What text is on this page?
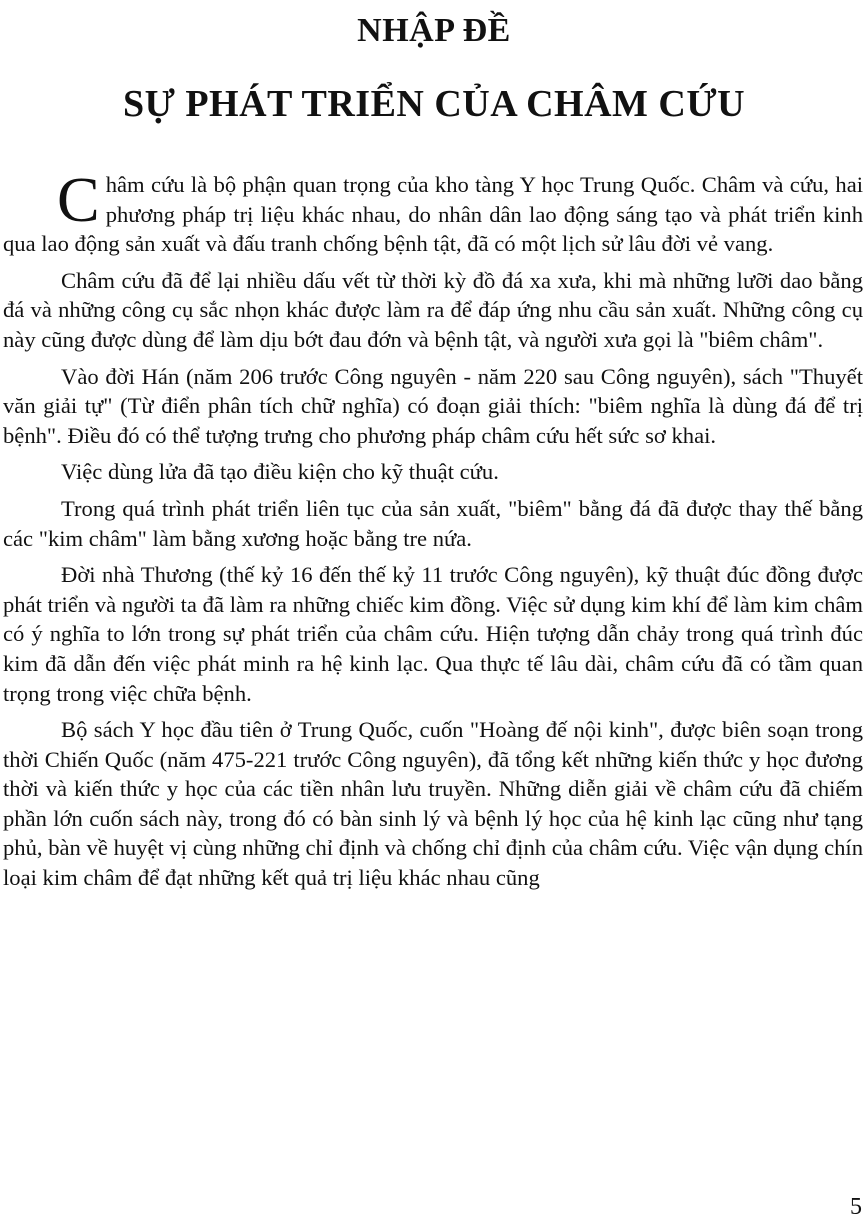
NHẬP ĐỀ
SỰ PHÁT TRIỂN CỦA CHÂM CỨU

Châm cứu là bộ phận quan trọng của kho tàng Y học Trung Quốc. Châm và cứu, hai phương pháp trị liệu khác nhau, do nhân dân lao động sáng tạo và phát triển kinh qua lao động sản xuất và đấu tranh chống bệnh tật, đã có một lịch sử lâu đời vẻ vang.

Châm cứu đã để lại nhiều dấu vết từ thời kỳ đồ đá xa xưa, khi mà những lưỡi dao bằng đá và những công cụ sắc nhọn khác được làm ra để đáp ứng nhu cầu sản xuất. Những công cụ này cũng được dùng để làm dịu bớt đau đớn và bệnh tật, và người xưa gọi là "biêm châm".

Vào đời Hán (năm 206 trước Công nguyên - năm 220 sau Công nguyên), sách "Thuyết văn giải tự" (Từ điển phân tích chữ nghĩa) có đoạn giải thích: "biêm nghĩa là dùng đá để trị bệnh". Điều đó có thể tượng trưng cho phương pháp châm cứu hết sức sơ khai.

Việc dùng lửa đã tạo điều kiện cho kỹ thuật cứu.

Trong quá trình phát triển liên tục của sản xuất, "biêm" bằng đá đã được thay thế bằng các "kim châm" làm bằng xương hoặc bằng tre nứa.

Đời nhà Thương (thế kỷ 16 đến thế kỷ 11 trước Công nguyên), kỹ thuật đúc đồng được phát triển và người ta đã làm ra những chiếc kim đồng. Việc sử dụng kim khí để làm kim châm có ý nghĩa to lớn trong sự phát triển của châm cứu. Hiện tượng dẫn chảy trong quá trình đúc kim đã dẫn đến việc phát minh ra hệ kinh lạc. Qua thực tế lâu dài, châm cứu đã có tầm quan trọng trong việc chữa bệnh.

Bộ sách Y học đầu tiên ở Trung Quốc, cuốn "Hoàng đế nội kinh", được biên soạn trong thời Chiến Quốc (năm 475-221 trước Công nguyên), đã tổng kết những kiến thức y học đương thời và kiến thức y học của các tiền nhân lưu truyền. Những diễn giải về châm cứu đã chiếm phần lớn cuốn sách này, trong đó có bàn sinh lý và bệnh lý học của hệ kinh lạc cũng như tạng phủ, bàn về huyệt vị cùng những chỉ định và chống chỉ định của châm cứu. Việc vận dụng chín loại kim châm để đạt những kết quả trị liệu khác nhau cũng

5
